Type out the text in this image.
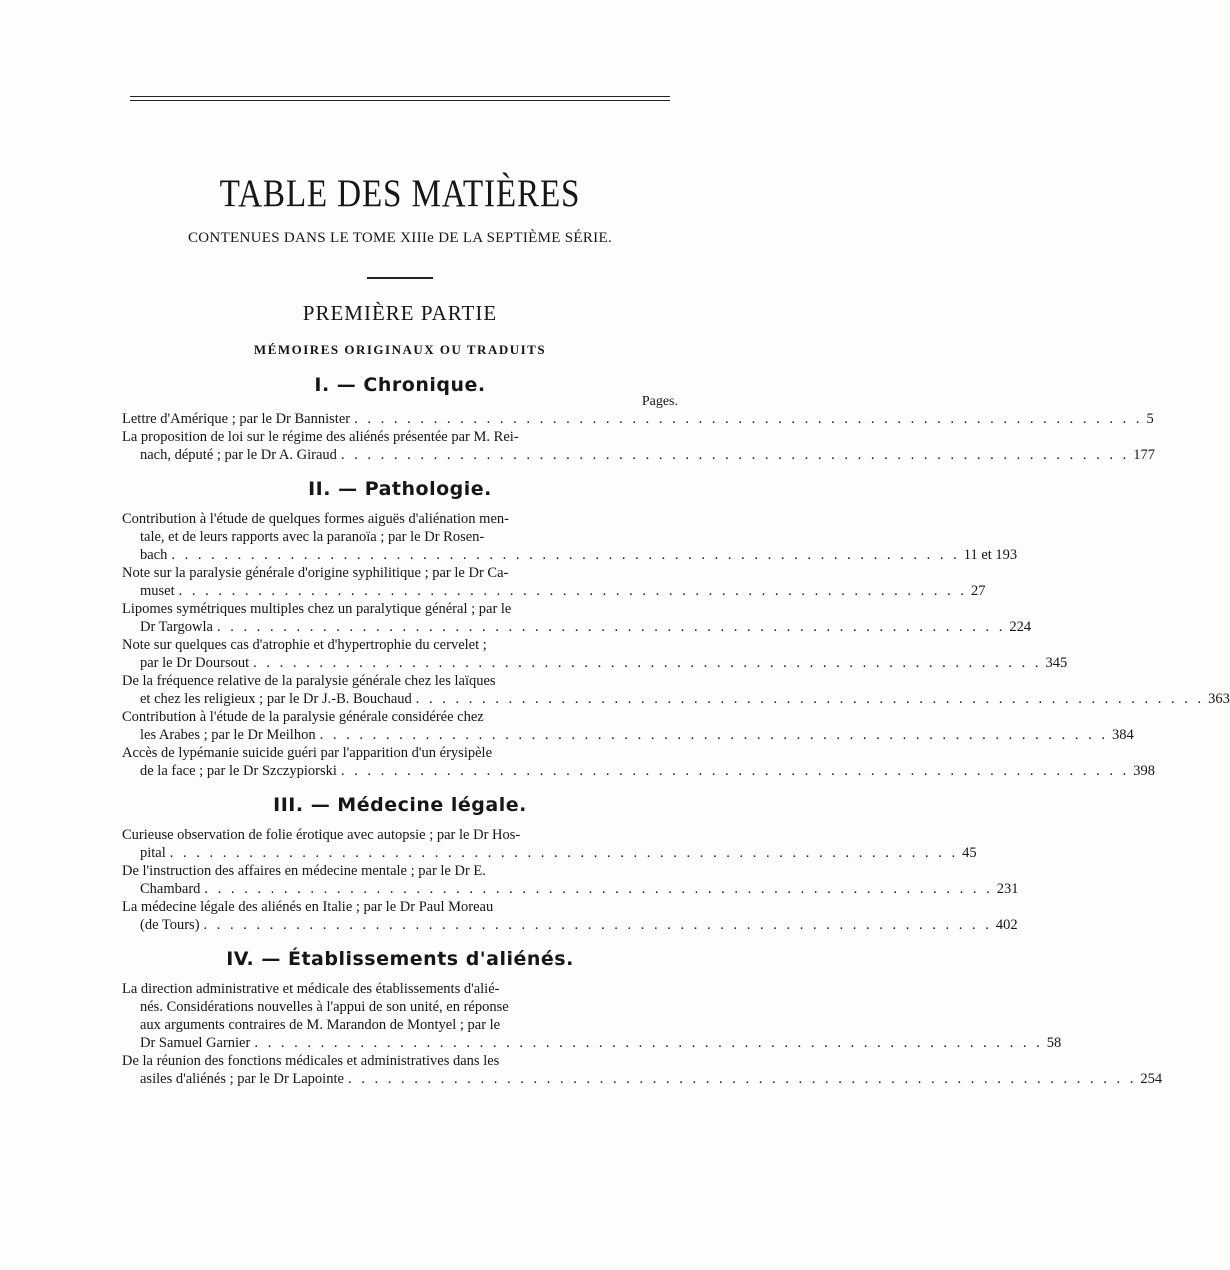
TABLE DES MATIÈRES
CONTENUES DANS LE TOME XIIIe DE LA SEPTIÈME SÉRIE.
PREMIÈRE PARTIE
MÉMOIRES ORIGINAUX OU TRADUITS
I. — Chronique.
Pages.
Lettre d'Amérique ; par le Dr Bannister . . . . . . . . . . . . . . . . . . . . . . . . . . . . . . . . . . . . . . . . . . . . . . . . . . . . . . . . . . . . 5
La proposition de loi sur le régime des aliénés présentée par M. Rei-
nach, député ; par le Dr A. Giraud . . . . . . . . . . . . . . . . . . . . . . . . . . . . . . . . . . . . . . . . . . . . . . . . . . . . . . . . . . . . 177
II. — Pathologie.
Contribution à l'étude de quelques formes aiguës d'aliénation men-
tale, et de leurs rapports avec la paranoïa ; par le Dr Rosen-
bach . . . . . . . . . . . . . . . . . . . . . . . . . . . . . . . . . . . . . . . . . . . . . . . . . . . . . . . . . . . . 11 et 193
Note sur la paralysie générale d'origine syphilitique ; par le Dr Ca-
muset . . . . . . . . . . . . . . . . . . . . . . . . . . . . . . . . . . . . . . . . . . . . . . . . . . . . . . . . . . . . 27
Lipomes symétriques multiples chez un paralytique général ; par le
Dr Targowla . . . . . . . . . . . . . . . . . . . . . . . . . . . . . . . . . . . . . . . . . . . . . . . . . . . . . . . . . . . . 224
Note sur quelques cas d'atrophie et d'hypertrophie du cervelet ;
par le Dr Doursout . . . . . . . . . . . . . . . . . . . . . . . . . . . . . . . . . . . . . . . . . . . . . . . . . . . . . . . . . . . . 345
De la fréquence relative de la paralysie générale chez les laïques
et chez les religieux ; par le Dr J.-B. Bouchaud . . . . . . . . . . . . . . . . . . . . . . . . . . . . . . . . . . . . . . . . . . . . . . . . . . . . . . . . . . . . 363
Contribution à l'étude de la paralysie générale considérée chez
les Arabes ; par le Dr Meilhon . . . . . . . . . . . . . . . . . . . . . . . . . . . . . . . . . . . . . . . . . . . . . . . . . . . . . . . . . . . . 384
Accès de lypémanie suicide guéri par l'apparition d'un érysipèle
de la face ; par le Dr Szczypiorski . . . . . . . . . . . . . . . . . . . . . . . . . . . . . . . . . . . . . . . . . . . . . . . . . . . . . . . . . . . . 398
III. — Médecine légale.
Curieuse observation de folie érotique avec autopsie ; par le Dr Hos-
pital . . . . . . . . . . . . . . . . . . . . . . . . . . . . . . . . . . . . . . . . . . . . . . . . . . . . . . . . . . . . 45
De l'instruction des affaires en médecine mentale ; par le Dr E.
Chambard . . . . . . . . . . . . . . . . . . . . . . . . . . . . . . . . . . . . . . . . . . . . . . . . . . . . . . . . . . . . 231
La médecine légale des aliénés en Italie ; par le Dr Paul Moreau
(de Tours) . . . . . . . . . . . . . . . . . . . . . . . . . . . . . . . . . . . . . . . . . . . . . . . . . . . . . . . . . . . . 402
IV. — Établissements d'aliénés.
La direction administrative et médicale des établissements d'alié-
nés. Considérations nouvelles à l'appui de son unité, en réponse
aux arguments contraires de M. Marandon de Montyel ; par le
Dr Samuel Garnier . . . . . . . . . . . . . . . . . . . . . . . . . . . . . . . . . . . . . . . . . . . . . . . . . . . . . . . . . . . . 58
De la réunion des fonctions médicales et administratives dans les
asiles d'aliénés ; par le Dr Lapointe . . . . . . . . . . . . . . . . . . . . . . . . . . . . . . . . . . . . . . . . . . . . . . . . . . . . . . . . . . . . 254
